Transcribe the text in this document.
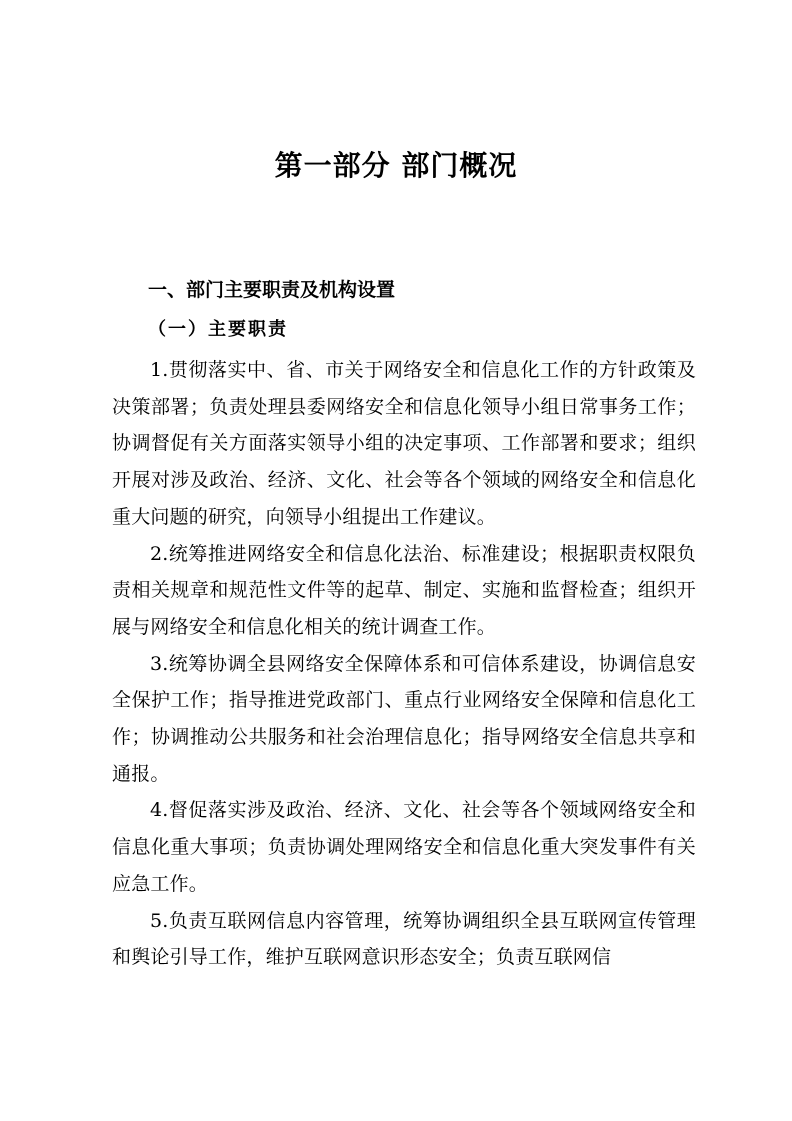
第一部分 部门概况
一、部门主要职责及机构设置
（一）主要职责

1.贯彻落实中、省、市关于网络安全和信息化工作的方针政策及决策部署；负责处理县委网络安全和信息化领导小组日常事务工作；协调督促有关方面落实领导小组的决定事项、工作部署和要求；组织开展对涉及政治、经济、文化、社会等各个领域的网络安全和信息化重大问题的研究，向领导小组提出工作建议。

2.统筹推进网络安全和信息化法治、标准建设；根据职责权限负责相关规章和规范性文件等的起草、制定、实施和监督检查；组织开展与网络安全和信息化相关的统计调查工作。

3.统筹协调全县网络安全保障体系和可信体系建设，协调信息安全保护工作；指导推进党政部门、重点行业网络安全保障和信息化工作；协调推动公共服务和社会治理信息化；指导网络安全信息共享和通报。

4.督促落实涉及政治、经济、文化、社会等各个领域网络安全和信息化重大事项；负责协调处理网络安全和信息化重大突发事件有关应急工作。

5.负责互联网信息内容管理，统筹协调组织全县互联网宣传管理和舆论引导工作，维护互联网意识形态安全；负责互联网信
